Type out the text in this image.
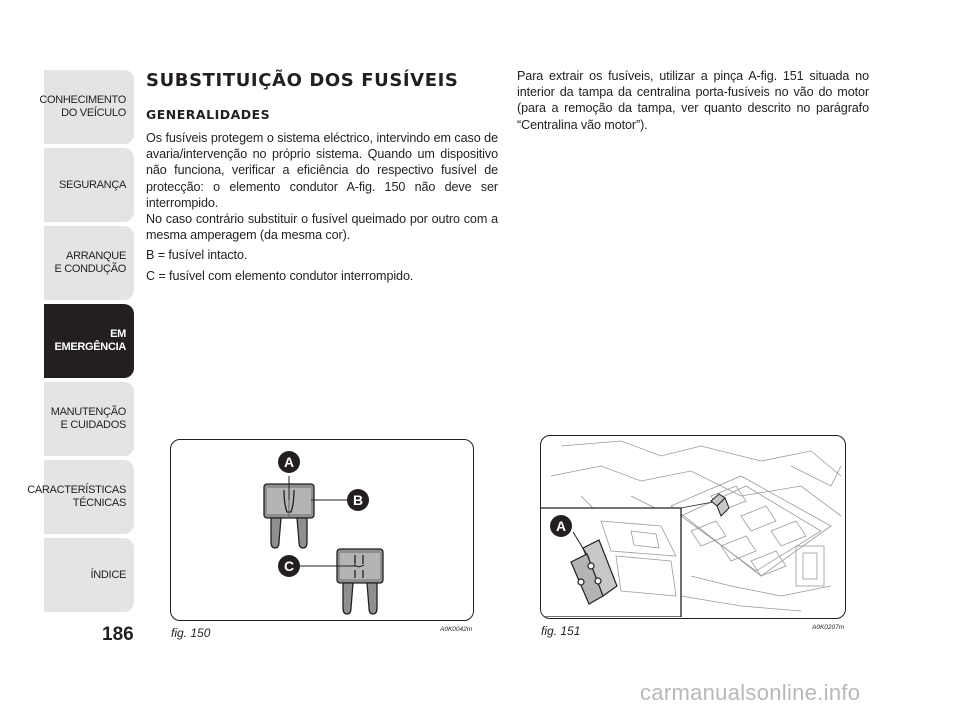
CONHECIMENTO
DO VEÍCULO
SEGURANÇA
ARRANQUE
E CONDUÇÃO
EM EMERGÊNCIA
MANUTENÇÃO
E CUIDADOS
CARACTERÍSTICAS
TÉCNICAS
ÍNDICE
186
SUBSTITUIÇÃO DOS FUSÍVEIS
GENERALIDADES

Os fusíveis protegem o sistema eléctrico, intervindo em caso de avaria/intervenção no próprio sistema. Quando um dispositivo não funciona, verificar a eficiência do respectivo fusível de protecção: o elemento condutor A-fig. 150 não deve ser interrompido.

No caso contrário substituir o fusível queimado por outro com a mesma amperagem (da mesma cor).

B = fusível intacto.

C = fusível com elemento condutor interrompido.

Para extrair os fusíveis, utilizar a pinça A-fig. 151 situada no interior da tampa da centralina porta-fusíveis no vão do motor (para a remoção da tampa, ver quanto descrito no parágrafo “Centralina vão motor”).

A
B
C
fig. 150	A0K0042m
A
fig. 151	A0K0207m
carmanualsonline.info
